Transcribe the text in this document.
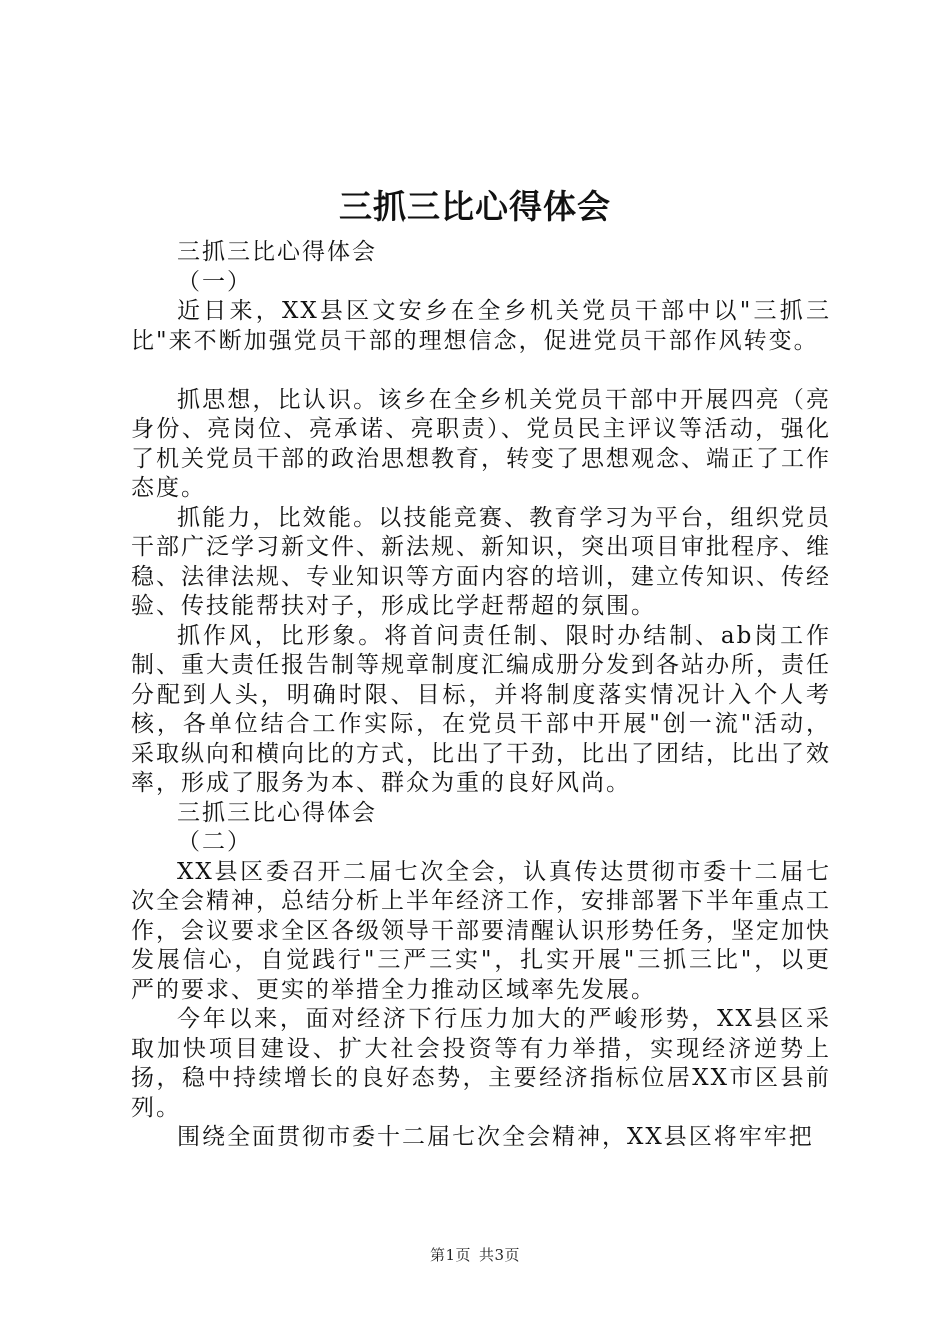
三抓三比心得体会

三抓三比心得体会

（一）

近日来，XX县区文安乡在全乡机关党员干部中以"三抓三比"来不断加强党员干部的理想信念，促进党员干部作风转变。

抓思想，比认识。该乡在全乡机关党员干部中开展四亮（亮身份、亮岗位、亮承诺、亮职责）、党员民主评议等活动，强化了机关党员干部的政治思想教育，转变了思想观念、端正了工作态度。

抓能力，比效能。以技能竞赛、教育学习为平台，组织党员干部广泛学习新文件、新法规、新知识，突出项目审批程序、维稳、法律法规、专业知识等方面内容的培训，建立传知识、传经验、传技能帮扶对子，形成比学赶帮超的氛围。

抓作风，比形象。将首问责任制、限时办结制、ab岗工作制、重大责任报告制等规章制度汇编成册分发到各站办所，责任分配到人头，明确时限、目标，并将制度落实情况计入个人考核，各单位结合工作实际，在党员干部中开展"创一流"活动，采取纵向和横向比的方式，比出了干劲，比出了团结，比出了效率，形成了服务为本、群众为重的良好风尚。

三抓三比心得体会

（二）

XX县区委召开二届七次全会，认真传达贯彻市委十二届七次全会精神，总结分析上半年经济工作，安排部署下半年重点工作，会议要求全区各级领导干部要清醒认识形势任务，坚定加快发展信心，自觉践行"三严三实"，扎实开展"三抓三比"，以更严的要求、更实的举措全力推动区域率先发展。

今年以来，面对经济下行压力加大的严峻形势，XX县区采取加快项目建设、扩大社会投资等有力举措，实现经济逆势上扬，稳中持续增长的良好态势，主要经济指标位居XX市区县前列。

围绕全面贯彻市委十二届七次全会精神，XX县区将牢牢把

第1页 共3页
